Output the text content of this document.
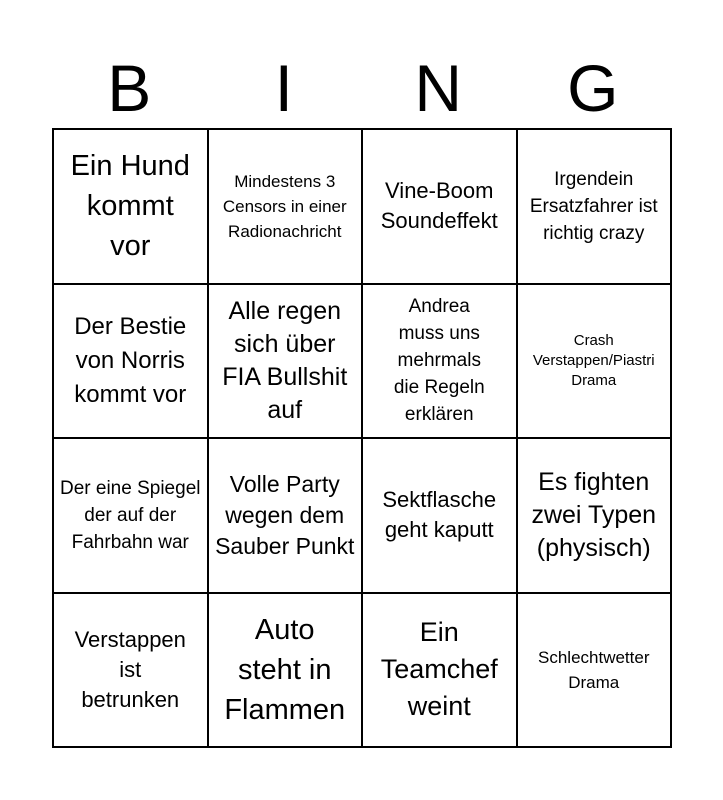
B	I	N	G
Ein Hund kommt vor
Mindestens 3 Censors in einer Radionachricht
Vine-Boom Soundeffekt
Irgendein Ersatzfahrer ist richtig crazy
Der Bestie von Norris kommt vor
Alle regen sich über FIA Bullshit auf
Andrea muss uns mehrmals die Regeln erklären
Crash Verstappen/Piastri Drama
Der eine Spiegel der auf der Fahrbahn war
Volle Party wegen dem Sauber Punkt
Sektflasche geht kaputt
Es fighten zwei Typen (physisch)
Verstappen ist betrunken
Auto steht in Flammen
Ein Teamchef weint
Schlechtwetter Drama
